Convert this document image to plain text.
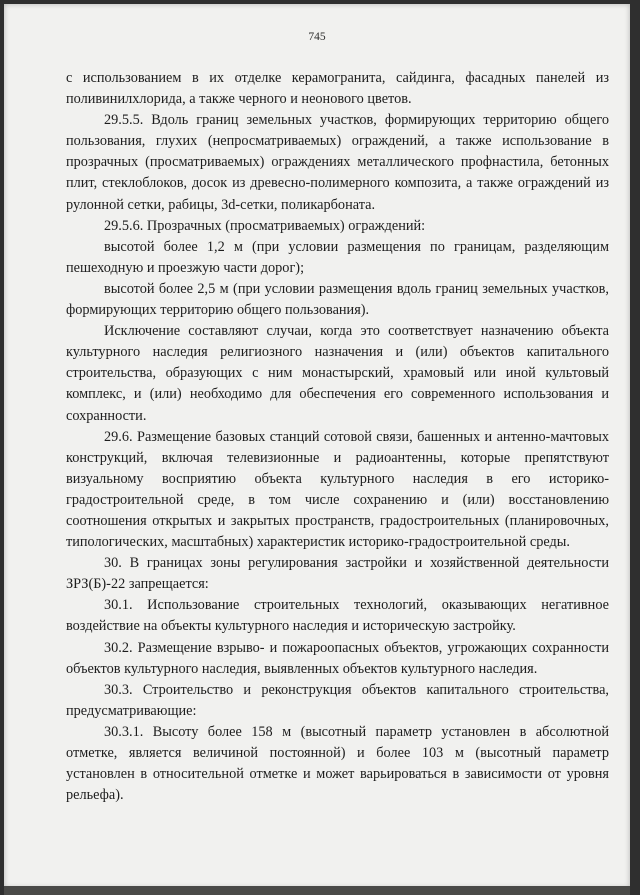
745

с использованием в их отделке керамогранита, сайдинга, фасадных панелей из поливинилхлорида, а также черного и неонового цветов.

29.5.5. Вдоль границ земельных участков, формирующих территорию общего пользования, глухих (непросматриваемых) ограждений, а также использование в прозрачных (просматриваемых) ограждениях металлического профнастила, бетонных плит, стеклоблоков, досок из древесно-полимерного композита, а также ограждений из рулонной сетки, рабицы, 3d-сетки, поликарбоната.

29.5.6. Прозрачных (просматриваемых) ограждений:

высотой более 1,2 м (при условии размещения по границам, разделяющим пешеходную и проезжую части дорог);

высотой более 2,5 м (при условии размещения вдоль границ земельных участков, формирующих территорию общего пользования).

Исключение составляют случаи, когда это соответствует назначению объекта культурного наследия религиозного назначения и (или) объектов капитального строительства, образующих с ним монастырский, храмовый или иной культовый комплекс, и (или) необходимо для обеспечения его современного использования и сохранности.

29.6. Размещение базовых станций сотовой связи, башенных и антенно-мачтовых конструкций, включая телевизионные и радиоантенны, которые препятствуют визуальному восприятию объекта культурного наследия в его историко-градостроительной среде, в том числе сохранению и (или) восстановлению соотношения открытых и закрытых пространств, градостроительных (планировочных, типологических, масштабных) характеристик историко-градостроительной среды.

30. В границах зоны регулирования застройки и хозяйственной деятельности ЗРЗ(Б)-22 запрещается:

30.1. Использование строительных технологий, оказывающих негативное воздействие на объекты культурного наследия и историческую застройку.

30.2. Размещение взрыво- и пожароопасных объектов, угрожающих сохранности объектов культурного наследия, выявленных объектов культурного наследия.

30.3. Строительство и реконструкция объектов капитального строительства, предусматривающие:

30.3.1. Высоту более 158 м (высотный параметр установлен в абсолютной отметке, является величиной постоянной) и более 103 м (высотный параметр установлен в относительной отметке и может варьироваться в зависимости от уровня рельефа).
